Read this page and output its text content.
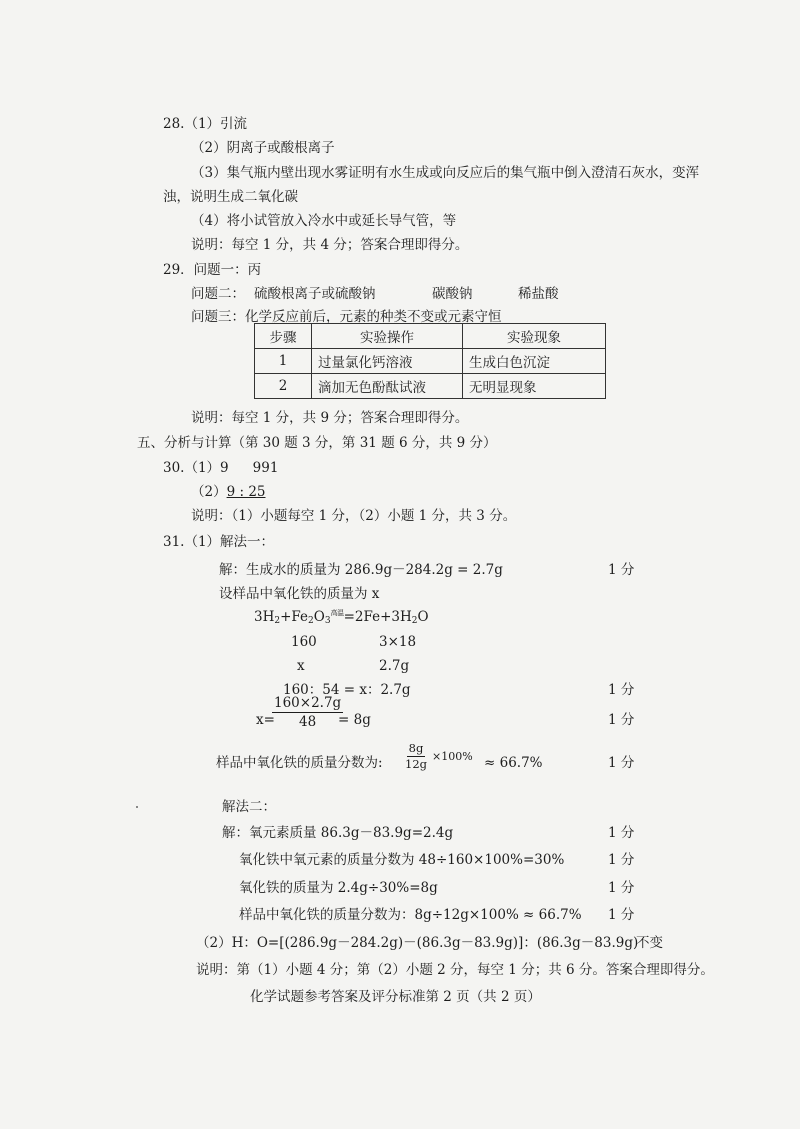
28.（1）引流
（2）阴离子或酸根离子
（3）集气瓶内壁出现水雾证明有水生成或向反应后的集气瓶中倒入澄清石灰水，变浑
浊，说明生成二氧化碳
（4）将小试管放入冷水中或延长导气管，等
说明：每空 1 分，共 4 分；答案合理即得分。
29．问题一：丙
问题二： 硫酸根离子或硫酸钠	碳酸钠	稀盐酸
问题三：化学反应前后，元素的种类不变或元素守恒
步骤	实验操作	实验现象
1	过量氯化钙溶液	生成白色沉淀
2	滴加无色酚酞试液	无明显现象
说明：每空 1 分，共 9 分；答案合理即得分。
五、分析与计算（第 30 题 3 分，第 31 题 6 分，共 9 分）
30.（1）9 991
（2）9 : 25
说明：（1）小题每空 1 分，（2）小题 1 分，共 3 分。
31.（1）解法一：
解：生成水的质量为 286.9g－284.2g = 2.7g	1 分
设样品中氧化铁的质量为 x
$3H_2+Fe_2O_3^{高温}=2Fe+3H_2O$
160	3×18
x	2.7g
160：54 = x：2.7g	1 分
x=
$\frac{160\times 2.7g}{48}$
= 8g	1 分
样品中氧化铁的质量分数为: $\frac{8g}{12g} \times 100\% \approx 66.7\%$	1 分
解法二：
解：氧元素质量 86.3g－83.9g=2.4g	1 分
氧化铁中氧元素的质量分数为 48÷160×100%=30%	1 分
氧化铁的质量为 2.4g÷30%=8g	1 分
样品中氧化铁的质量分数为：8g÷12g×100% ≈ 66.7% 1 分
（2）H：O=[(286.9g－284.2g)－(86.3g－83.9g)]：(86.3g－83.9g)
不变
说明：第（1）小题 4 分；第（2）小题 2 分，每空 1 分；共 6 分。答案合理即得分。
化学试题参考答案及评分标准第 2 页（共 2 页）
